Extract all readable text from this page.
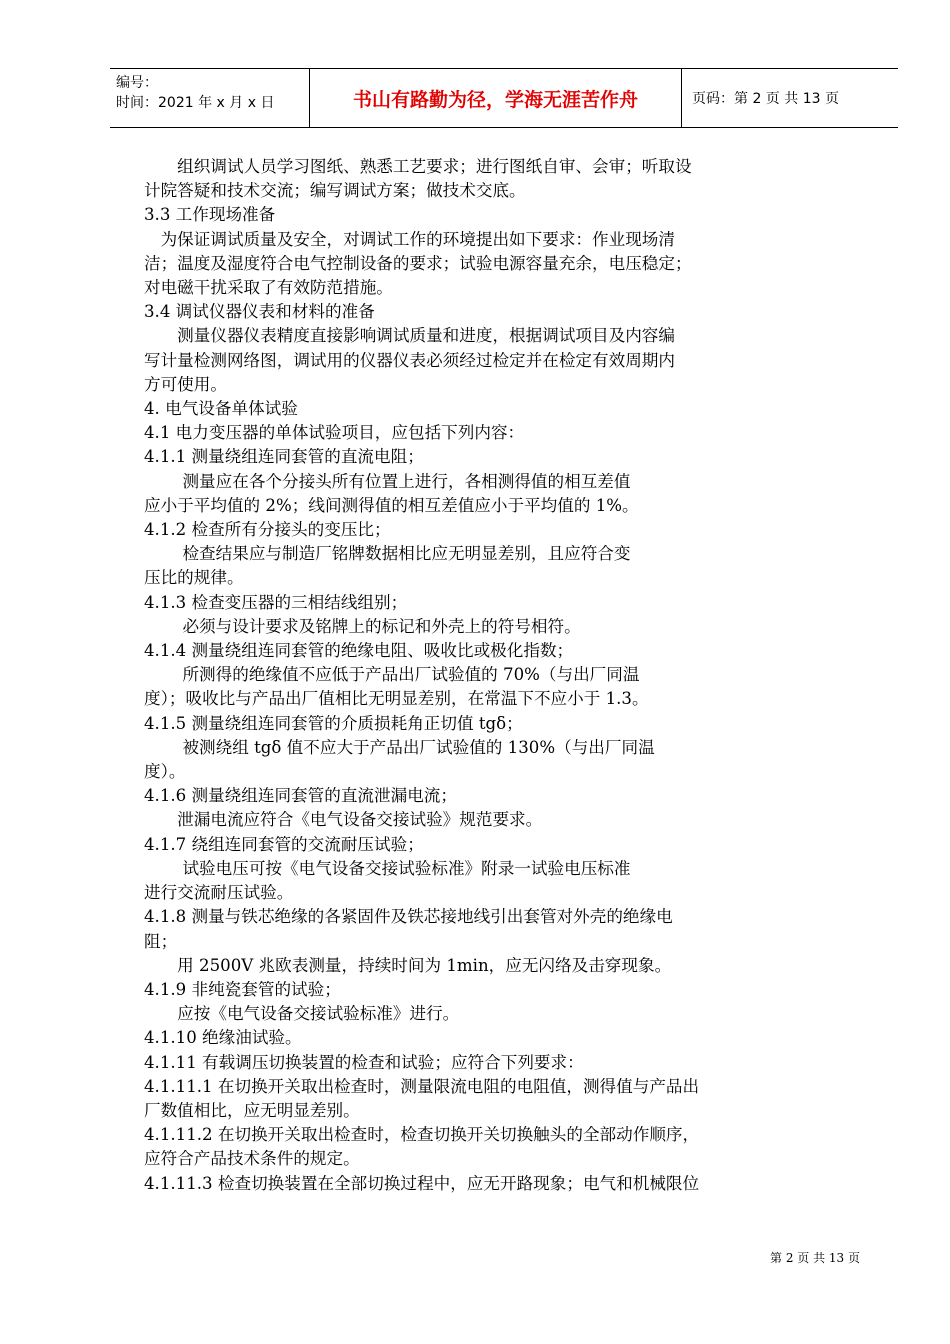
编号：
时间：2021 年 x 月 x 日	书山有路勤为径，学海无涯苦作舟	页码：第 2 页 共 13 页

　　组织调试人员学习图纸、熟悉工艺要求；进行图纸自审、会审；听取设

计院答疑和技术交流；编写调试方案；做技术交底。

3.3 工作现场准备

　为保证调试质量及安全，对调试工作的环境提出如下要求：作业现场清

洁；温度及湿度符合电气控制设备的要求；试验电源容量充余，电压稳定；

对电磁干扰采取了有效防范措施。

3.4 调试仪器仪表和材料的准备

　　测量仪器仪表精度直接影响调试质量和进度，根据调试项目及内容编

写计量检测网络图，调试用的仪器仪表必须经过检定并在检定有效周期内

方可使用。

4. 电气设备单体试验

4.1 电力变压器的单体试验项目，应包括下列内容：

4.1.1 测量绕组连同套管的直流电阻；

　　 测量应在各个分接头所有位置上进行，各相测得值的相互差值

应小于平均值的 2%；线间测得值的相互差值应小于平均值的 1%。

4.1.2 检查所有分接头的变压比；

　　 检查结果应与制造厂铭牌数据相比应无明显差别，且应符合变

压比的规律。

4.1.3 检查变压器的三相结线组别；

　　 必须与设计要求及铭牌上的标记和外壳上的符号相符。

4.1.4 测量绕组连同套管的绝缘电阻、吸收比或极化指数；

　　 所测得的绝缘值不应低于产品出厂试验值的 70%（与出厂同温

度）；吸收比与产品出厂值相比无明显差别，在常温下不应小于 1.3。

4.1.5 测量绕组连同套管的介质损耗角正切值 tgδ；

　　 被测绕组 tgδ 值不应大于产品出厂试验值的 130%（与出厂同温

度）。

4.1.6 测量绕组连同套管的直流泄漏电流；

　　泄漏电流应符合《电气设备交接试验》规范要求。

4.1.7 绕组连同套管的交流耐压试验；

　　 试验电压可按《电气设备交接试验标准》附录一试验电压标准

进行交流耐压试验。

4.1.8 测量与铁芯绝缘的各紧固件及铁芯接地线引出套管对外壳的绝缘电

阻；

　　用 2500V 兆欧表测量，持续时间为 1min，应无闪络及击穿现象。

4.1.9 非纯瓷套管的试验；

　　应按《电气设备交接试验标准》进行。

4.1.10 绝缘油试验。

4.1.11 有载调压切换装置的检查和试验；应符合下列要求：

4.1.11.1 在切换开关取出检查时，测量限流电阻的电阻值，测得值与产品出

厂数值相比，应无明显差别。

4.1.11.2 在切换开关取出检查时，检查切换开关切换触头的全部动作顺序，

应符合产品技术条件的规定。

4.1.11.3 检查切换装置在全部切换过程中，应无开路现象；电气和机械限位

第 2 页 共 13 页
